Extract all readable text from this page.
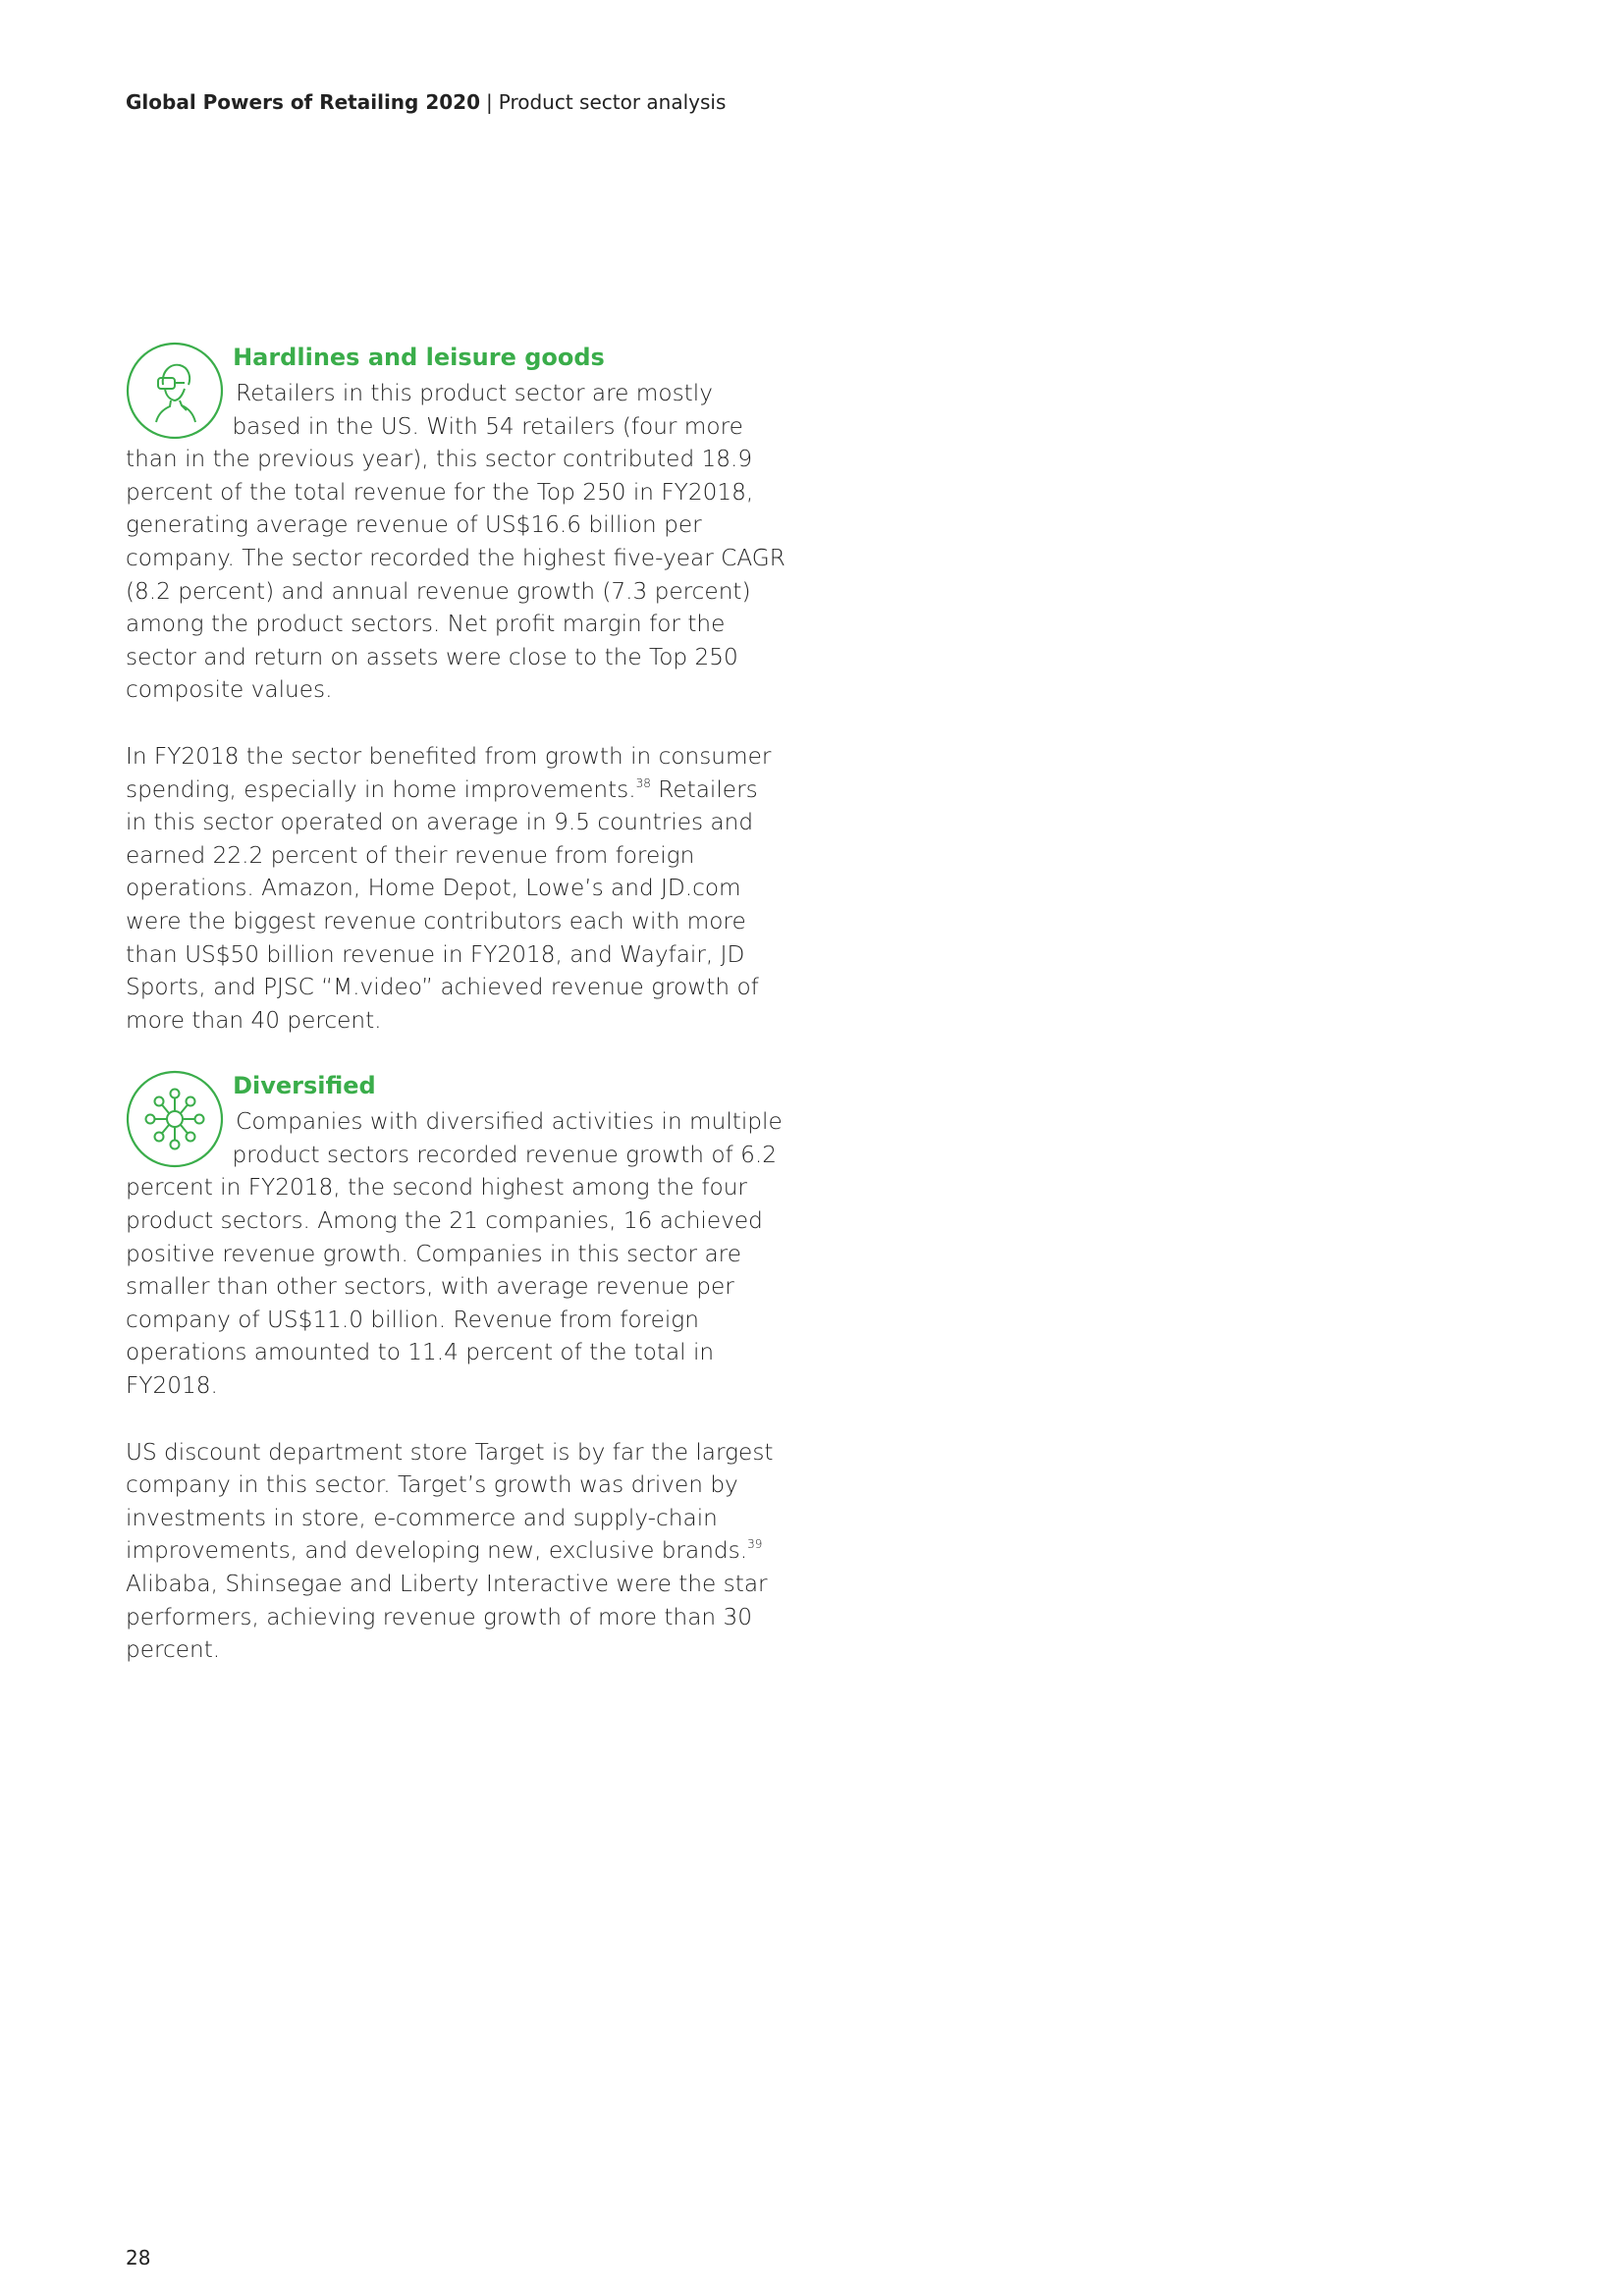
Global Powers of Retailing 2020 | Product sector analysis
Hardlines and leisure goods

Retailers in this product sector are mostly based in the US. With 54 retailers (four more than in the previous year), this sector contributed 18.9 percent of the total revenue for the Top 250 in FY2018, generating average revenue of US$16.6 billion per company. The sector recorded the highest five-year CAGR (8.2 percent) and annual revenue growth (7.3 percent) among the product sectors. Net profit margin for the sector and return on assets were close to the Top 250 composite values.

In FY2018 the sector benefited from growth in consumer spending, especially in home improvements.$^{38}$ Retailers in this sector operated on average in 9.5 countries and earned 22.2 percent of their revenue from foreign operations. Amazon, Home Depot, Lowe’s and JD.com were the biggest revenue contributors each with more than US$50 billion revenue in FY2018, and Wayfair, JD Sports, and PJSC “M.video” achieved revenue growth of more than 40 percent.

Diversified

Companies with diversified activities in multiple product sectors recorded revenue growth of 6.2 percent in FY2018, the second highest among the four product sectors. Among the 21 companies, 16 achieved positive revenue growth. Companies in this sector are smaller than other sectors, with average revenue per company of US$11.0 billion. Revenue from foreign operations amounted to 11.4 percent of the total in FY2018.

US discount department store Target is by far the largest company in this sector. Target’s growth was driven by investments in store, e-commerce and supply-chain improvements, and developing new, exclusive brands.$^{39}$ Alibaba, Shinsegae and Liberty Interactive were the star performers, achieving revenue growth of more than 30 percent.

28
